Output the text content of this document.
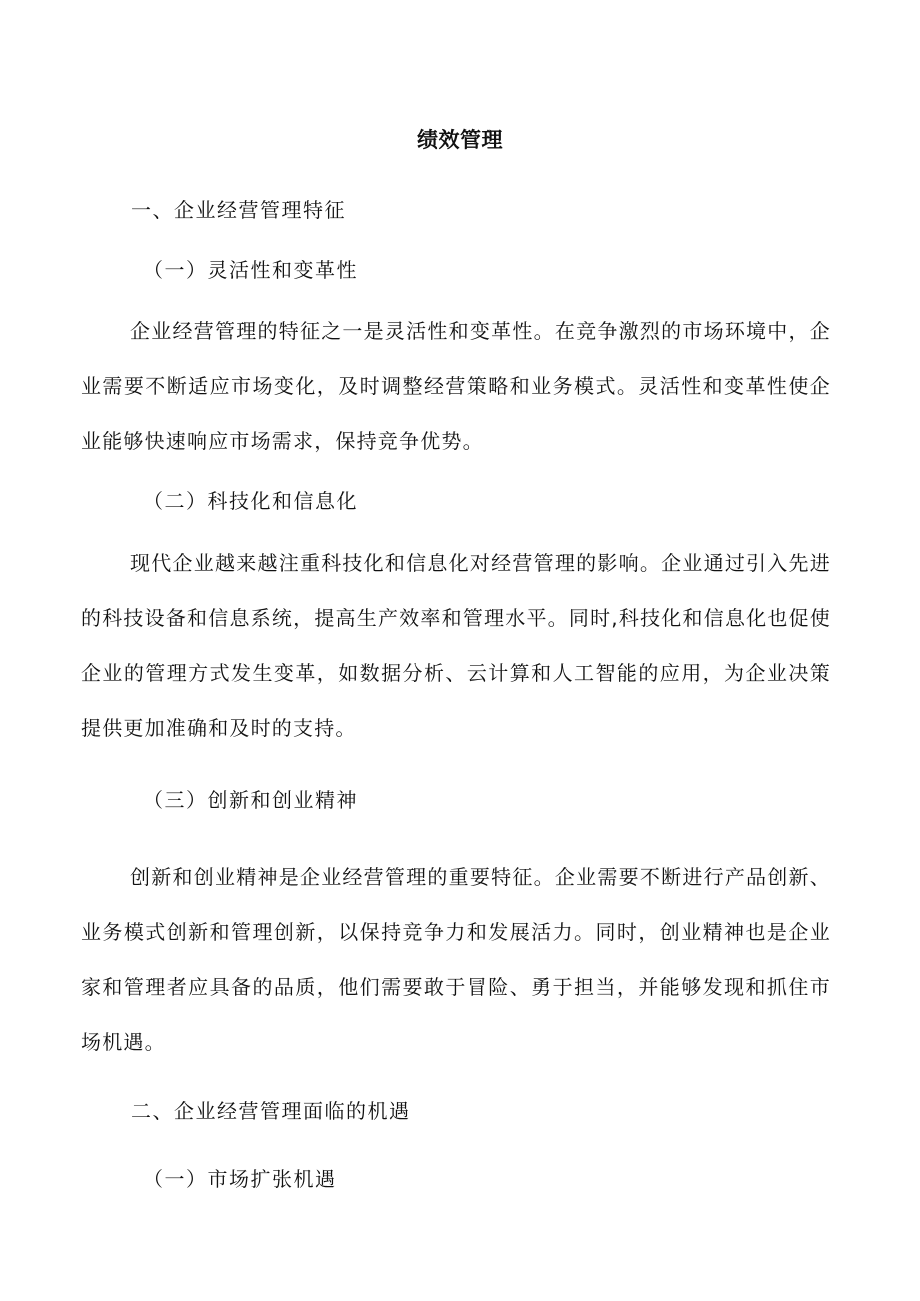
绩效管理
一、企业经营管理特征
（一）灵活性和变革性

企业经营管理的特征之一是灵活性和变革性。在竞争激烈的市场环境中，企业需要不断适应市场变化，及时调整经营策略和业务模式。灵活性和变革性使企业能够快速响应市场需求，保持竞争优势。

（二）科技化和信息化

现代企业越来越注重科技化和信息化对经营管理的影响。企业通过引入先进的科技设备和信息系统，提高生产效率和管理水平。同时,科技化和信息化也促使企业的管理方式发生变革，如数据分析、云计算和人工智能的应用，为企业决策提供更加准确和及时的支持。

（三）创新和创业精神

创新和创业精神是企业经营管理的重要特征。企业需要不断进行产品创新、业务模式创新和管理创新，以保持竞争力和发展活力。同时，创业精神也是企业家和管理者应具备的品质，他们需要敢于冒险、勇于担当，并能够发现和抓住市场机遇。

二、企业经营管理面临的机遇
（一）市场扩张机遇
